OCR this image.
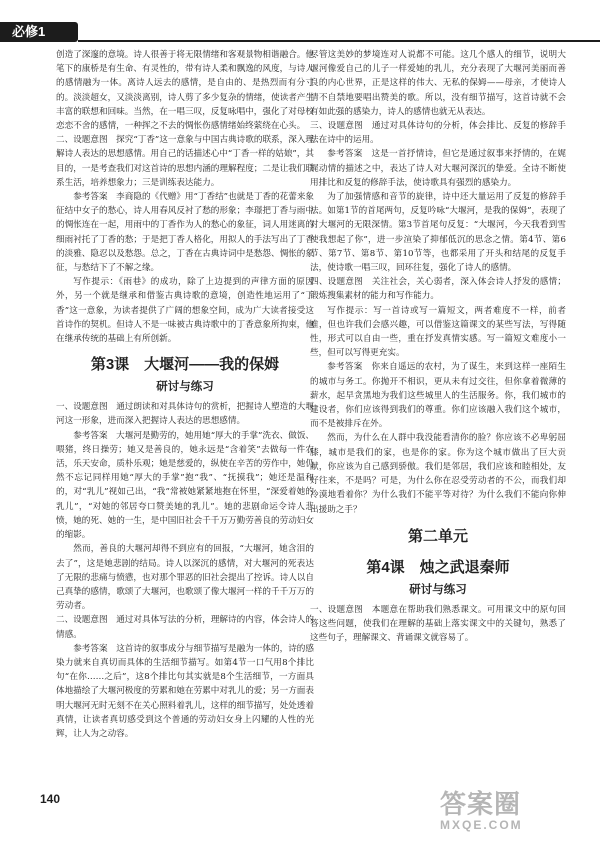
必修1

创造了深邃的意境。诗人很善于将无限情绪和客观景物相谐融合。他笔下的康桥是有生命、有灵性的，带有诗人柔和飘逸的风度，与诗人的感情融为一体。离诗人远去的感情，是自由的、是热烈而有分寸的。淡淡超女，又淡淡离别，诗人剪了多少复杂的情绪，使读者产生丰富的联想和回味。当然，在一唱三叹，反复咏唱中，强化了对母校恋恋不舍的感情，一种挥之不去的惆怅伤感情绪始终萦绕在心头。

二、设题意图　探究“丁香”这一意象与中国古典诗歌的联系，深入理解诗人表达的思想感情。用自己的话描述心中“丁香一样的姑娘”，其目的，一是考查我们对这首诗的思想内涵的理解程度；二是让我们联系生活，培养想象力；三是训练表达能力。

参考答案　李商隐的《代赠》用“丁香结”也就是丁香的花蕾来象征结中女子的愁心，诗人用春风反衬了愁的形象；李璟把丁香与雨中的惆怅连在一起，用雨中的丁香作为人的愁心的象征，词人用迷离的细雨衬托了丁香的愁；于是把丁香人格化，用拟人的手法写出了丁香的淡雅、隐忍以及愁怨。总之，丁香在古典诗词中是愁怨、惆怅的象征，与愁结下了不解之缘。

写作提示：《雨巷》的成功，除了上边提到的声律方面的原因外，另一个就是继承和借鉴古典诗歌的意境，创造性地运用了“丁香”这一意象，为读者提供了广阔的想象空间，成为广大读者接受这首诗作的契机。但诗人不是一味被古典诗歌中的丁香意象所拘束，他在继承传统的基础上有所创新。

第3课　大堰河——我的保姆
研讨与练习

一、设题意图　通过朗读和对具体诗句的赏析，把握诗人塑造的大堰河这一形象，进而深入把握诗人表达的思想感情。

参考答案　大堰河是勤劳的，她用她“厚大的手掌”洗衣、做饭、喂猪，终日操劳；她又是善良的，她永远是“含着笑”去做每一件农活，乐天安命，质朴乐观；她是慈爱的，纵使在辛苦的劳作中，她仍然不忘记同样用她“厚大的手掌”抱“我”、“抚摸我”；她还是温和的，对“乳儿”视如己出，“我”常被她紧紧地抱在怀里，“深爱着她的乳儿”，“对她的邻居夸口赞美她的乳儿”。她的悲剧命运令诗人悲愤，她的死、她的一生，是中国旧社会千千万万勤劳善良的劳动妇女的缩影。

然而，善良的大堰河却得不到应有的回报，“大堰河，她含泪的去了”，这是她悲剧的结局。诗人以深沉的感情，对大堰河的死表达了无限的悲痛与愤懑，也对那个罪恶的旧社会提出了控诉。诗人以自己真挚的感情，歌颂了大堰河，也歌颂了像大堰河一样的千千万万的劳动者。

二、设题意图　通过对具体写法的分析，理解诗的内容，体会诗人的情感。

参考答案　这首诗的叙事成分与细节描写是融为一体的，诗的感染力就来自真切而具体的生活细节描写。如第4节一口气用8个排比句“在你……之后”，这8个排比句其实就是8个生活细节，一方面具体地描绘了大堰河极度的劳累和她在劳累中对乳儿的爱；另一方面表明大堰河无时无刻不在关心照料着乳儿，这样的细节描写，处处透着真情，让读者真切感受到这个普通的劳动妇女身上闪耀的人性的光辉，让人为之动容。

尽管这美妙的梦境连对人说都不可能。这几个感人的细节，说明大堰河像爱自己的儿子一样爱她的乳儿，充分表现了大堰河美丽而善良的内心世界，正是这样的伟大、无私的保姆——母亲，才使诗人情不自禁地要唱出赞美的歌。所以，没有细节描写，这首诗就不会有如此强的感染力，诗人的感情也就无从表达。

三、设题意图　通过对具体诗句的分析，体会排比、反复的修辞手法在诗中的运用。

参考答案　这是一首抒情诗，但它是通过叙事来抒情的，在娓娓动情的描述之中，表达了诗人对大堰河深沉的挚爱。全诗不断使用排比和反复的修辞手法，使诗歌具有强烈的感染力。

为了加强情感和音节的旋律，诗中还大量运用了反复的修辞手法。如第1节的首尾两句，反复吟咏“大堰河，是我的保姆”，表现了对大堰河的无限深情。第3节首尾句反复：“大堰河，今天我看到雪使我想起了你”，进一步渲染了抑郁低沉的思念之情。第4节、第6节、第7节、第8节、第10节等，也都采用了开头和结尾的反复手法，使诗歌一唱三叹，回环往复，强化了诗人的感情。

四、设题意图　关注社会，关心弱者，深入体会诗人抒发的感情；锻炼搜集素材的能力和写作能力。

写作提示：写一首诗或写一篇短文，两者难度不一样，前者难，但也许我们会感兴趣，可以借鉴这篇课文的某些写法，写得随性，形式可以自由一些，重在抒发真情实感。写一篇短文难度小一些，但可以写得更充实。

参考答案　你来自遥远的农村，为了谋生，来到这样一座陌生的城市与务工。你抛开不相识，更从未有过交往，但你拿着微薄的薪水，起早贪黑地为我们这些城里人的生活服务。你，我们城市的建设者，你们应该得到我们的尊重。你们应该融入我们这个城市，而不是被排斥在外。

然而，为什么在人群中我没能看清你的脸？你应该不必卑躬屈膝，城市是我们的家，也是你的家。你为这个城市做出了巨大贡献，你应该为自己感到骄傲。我们是邻居，我们应该和睦相处，友好往来，不是吗？可是，为什么你在忍受劳动者的不公，而我们却冷漠地看着你？为什么我们不能平等对待？为什么我们不能向你伸出援助之手？

第二单元
第4课　烛之武退秦师
研讨与练习

一、设题意图　本题意在帮助我们熟悉课文。可用课文中的原句回答这些问题，使我们在理解的基础上落实课文中的关键句，熟悉了这些句子，理解课文、背诵课文就容易了。

140	答案圈
MXQE.COM
